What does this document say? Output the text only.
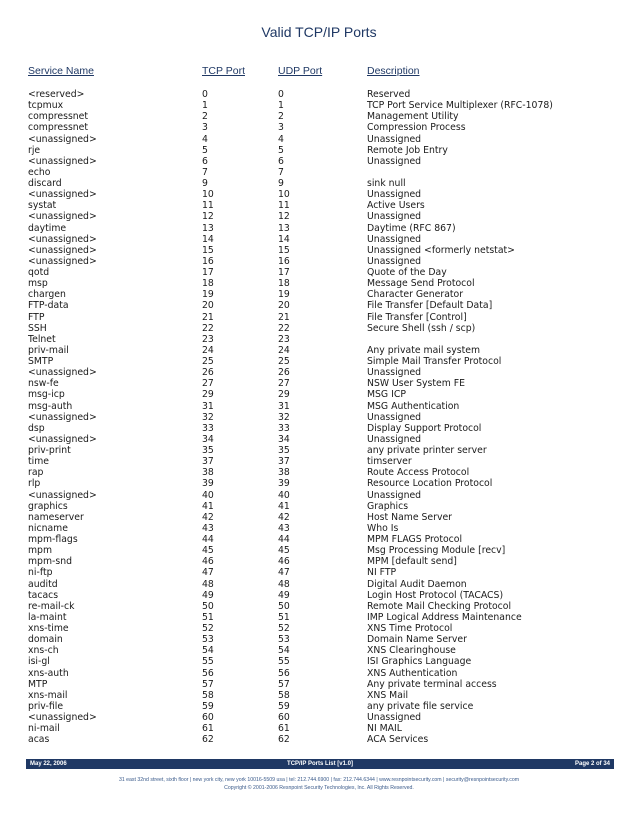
Valid TCP/IP Ports
Service Name	TCP Port	UDP Port	Description
<reserved>	0	0	Reserved
tcpmux	1	1	TCP Port Service Multiplexer (RFC-1078)
compressnet	2	2	Management Utility
compressnet	3	3	Compression Process
<unassigned>	4	4	Unassigned
rje	5	5	Remote Job Entry
<unassigned>	6	6	Unassigned
echo	7	7
discard	9	9	sink null
<unassigned>	10	10	Unassigned
systat	11	11	Active Users
<unassigned>	12	12	Unassigned
daytime	13	13	Daytime (RFC 867)
<unassigned>	14	14	Unassigned
<unassigned>	15	15	Unassigned <formerly netstat>
<unassigned>	16	16	Unassigned
qotd	17	17	Quote of the Day
msp	18	18	Message Send Protocol
chargen	19	19	Character Generator
FTP-data	20	20	File Transfer [Default Data]
FTP	21	21	File Transfer [Control]
SSH	22	22	Secure Shell (ssh / scp)
Telnet	23	23
priv-mail	24	24	Any private mail system
SMTP	25	25	Simple Mail Transfer Protocol
<unassigned>	26	26	Unassigned
nsw-fe	27	27	NSW User System FE
msg-icp	29	29	MSG ICP
msg-auth	31	31	MSG Authentication
<unassigned>	32	32	Unassigned
dsp	33	33	Display Support Protocol
<unassigned>	34	34	Unassigned
priv-print	35	35	any private printer server
time	37	37	timserver
rap	38	38	Route Access Protocol
rlp	39	39	Resource Location Protocol
<unassigned>	40	40	Unassigned
graphics	41	41	Graphics
nameserver	42	42	Host Name Server
nicname	43	43	Who Is
mpm-flags	44	44	MPM FLAGS Protocol
mpm	45	45	Msg Processing Module [recv]
mpm-snd	46	46	MPM [default send]
ni-ftp	47	47	NI FTP
auditd	48	48	Digital Audit Daemon
tacacs	49	49	Login Host Protocol (TACACS)
re-mail-ck	50	50	Remote Mail Checking Protocol
la-maint	51	51	IMP Logical Address Maintenance
xns-time	52	52	XNS Time Protocol
domain	53	53	Domain Name Server
xns-ch	54	54	XNS Clearinghouse
isi-gl	55	55	ISI Graphics Language
xns-auth	56	56	XNS Authentication
MTP	57	57	Any private terminal access
xns-mail	58	58	XNS Mail
priv-file	59	59	any private file service
<unassigned>	60	60	Unassigned
ni-mail	61	61	NI MAIL
acas	62	62	ACA Services
May 22, 2006	TCP/IP Ports List [v1.0]	Page 2 of 34
31 east 32nd street, sixth floor | new york city, new york 10016-5509 usa | tel: 212.744.6900 | fax: 212.744.6344 | www.resnpointsecurity.com | security@resnpointsecurity.com
Copyright © 2001-2006 Resnpoint Security Technologies, Inc. All Rights Reserved.
